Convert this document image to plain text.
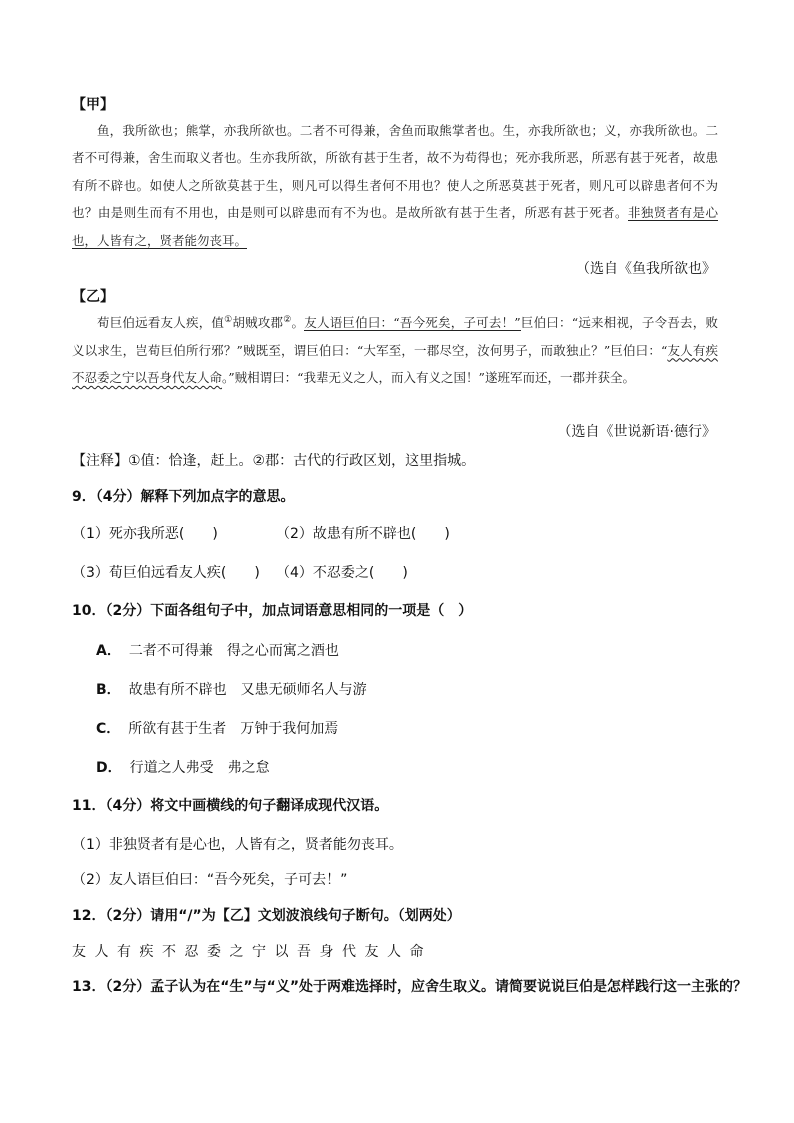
【甲】

鱼，我所欲也；熊掌，亦我所欲也。二者不可得兼，舍鱼而取熊掌者也。生，亦我所欲也；义，亦我所欲也。二者不可得兼，舍生而取义者也。生亦我所欲，所欲有甚于生者，故不为苟得也；死亦我所恶，所恶有甚于死者，故患有所不辟也。如使人之所欲莫甚于生，则凡可以得生者何不用也？使人之所恶莫甚于死者，则凡可以辟患者何不为也？由是则生而有不用也，由是则可以辟患而有不为也。是故所欲有甚于生者，所恶有甚于死者。非独贤者有是心也，人皆有之，贤者能勿丧耳。

（选自《鱼我所欲也》
【乙】

荀巨伯远看友人疾，值①胡贼攻郡②。友人语巨伯曰：“吾今死矣，子可去！”巨伯曰：“远来相视，子令吾去，败义以求生，岂荀巨伯所行邪？”贼既至，谓巨伯曰：“大军至，一郡尽空，汝何男子，而敢独止？”巨伯曰：“友人有疾不忍委之宁以吾身代友人命。”贼相谓曰：“我辈无义之人，而入有义之国！”遂班军而还，一郡并获全。

（选自《世说新语·德行》
【注释】①值：恰逢，赶上。②郡：古代的行政区划，这里指城。
9．（4分）解释下列加点字的意思。
（1）死亦我所恶(　　)	（2）故患有所不辟也(　　)
（3）荀巨伯远看友人疾(　　) （4）不忍委之(　　)
10．（2分）下面各组句子中，加点词语意思相同的一项是（　）
A． 二者不可得兼　得之心而寓之酒也
B． 故患有所不辟也　又患无硕师名人与游
C． 所欲有甚于生者　万钟于我何加焉
D． 行道之人弗受　弗之怠
11．（4分）将文中画横线的句子翻译成现代汉语。
（1）非独贤者有是心也，人皆有之，贤者能勿丧耳。
（2）友人语巨伯曰：“吾今死矣，子可去！”
12．（2分）请用“/”为【乙】文划波浪线句子断句。（划两处）
友人有疾不忍委之宁以吾身代友人命
13．（2分）孟子认为在“生”与“义”处于两难选择时，应舍生取义。请简要说说巨伯是怎样践行这一主张的？
